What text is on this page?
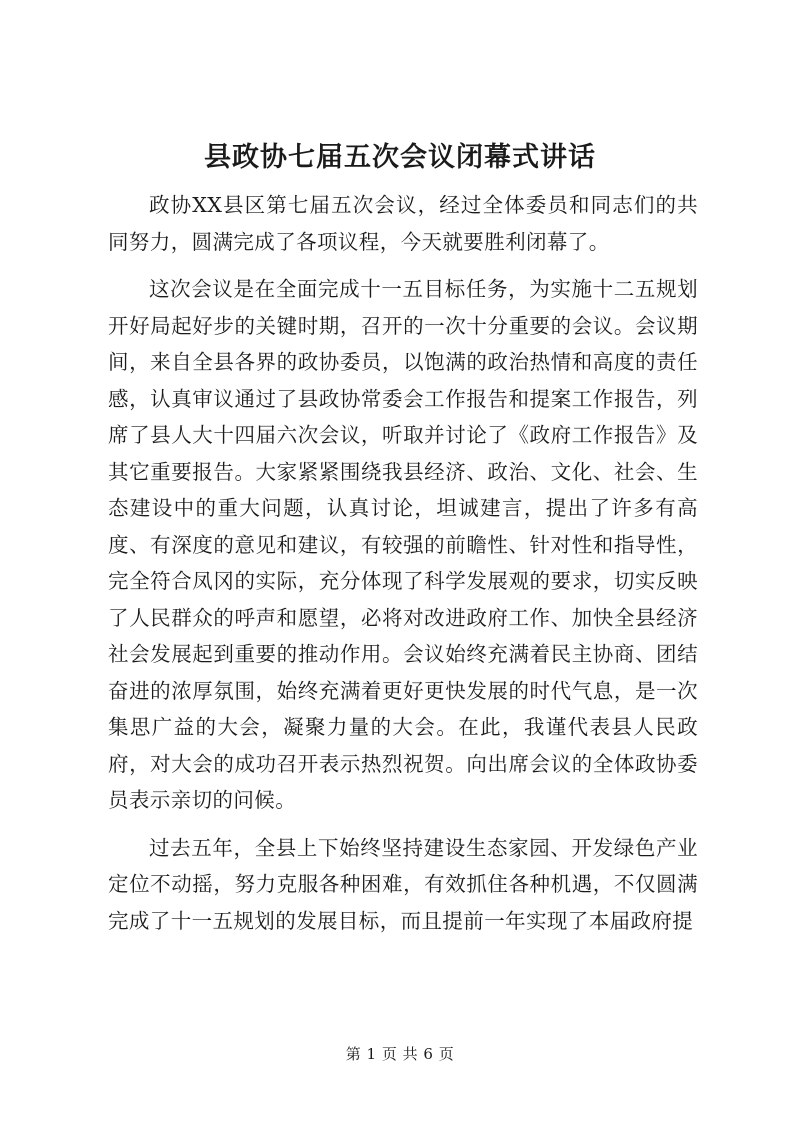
县政协七届五次会议闭幕式讲话

政协XX县区第七届五次会议，经过全体委员和同志们的共同努力，圆满完成了各项议程，今天就要胜利闭幕了。

这次会议是在全面完成十一五目标任务，为实施十二五规划开好局起好步的关键时期，召开的一次十分重要的会议。会议期间，来自全县各界的政协委员，以饱满的政治热情和高度的责任感，认真审议通过了县政协常委会工作报告和提案工作报告，列席了县人大十四届六次会议，听取并讨论了《政府工作报告》及其它重要报告。大家紧紧围绕我县经济、政治、文化、社会、生态建设中的重大问题，认真讨论，坦诚建言，提出了许多有高度、有深度的意见和建议，有较强的前瞻性、针对性和指导性，完全符合凤冈的实际，充分体现了科学发展观的要求，切实反映了人民群众的呼声和愿望，必将对改进政府工作、加快全县经济社会发展起到重要的推动作用。会议始终充满着民主协商、团结奋进的浓厚氛围，始终充满着更好更快发展的时代气息，是一次集思广益的大会，凝聚力量的大会。在此，我谨代表县人民政府，对大会的成功召开表示热烈祝贺。向出席会议的全体政协委员表示亲切的问候。

过去五年，全县上下始终坚持建设生态家园、开发绿色产业定位不动摇，努力克服各种困难，有效抓住各种机遇，不仅圆满完成了十一五规划的发展目标，而且提前一年实现了本届政府提

第 1 页 共 6 页
